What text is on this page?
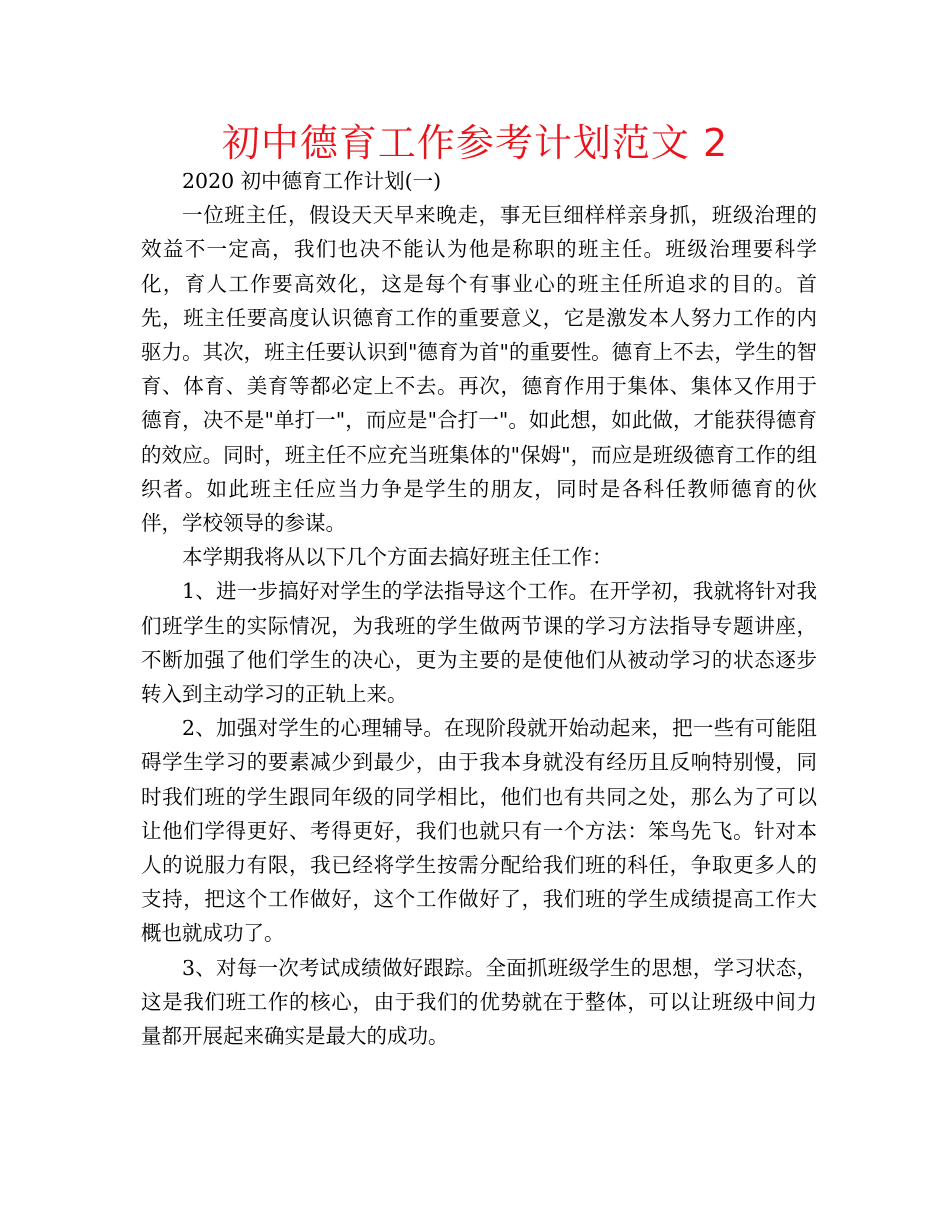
初中德育工作参考计划范文 2

2020 初中德育工作计划(一)

一位班主任，假设天天早来晚走，事无巨细样样亲身抓，班级治理的效益不一定高，我们也决不能认为他是称职的班主任。班级治理要科学化，育人工作要高效化，这是每个有事业心的班主任所追求的目的。首先，班主任要高度认识德育工作的重要意义，它是激发本人努力工作的内驱力。其次，班主任要认识到"德育为首"的重要性。德育上不去，学生的智育、体育、美育等都必定上不去。再次，德育作用于集体、集体又作用于德育，决不是"单打一"，而应是"合打一"。如此想，如此做，才能获得德育的效应。同时，班主任不应充当班集体的"保姆"，而应是班级德育工作的组织者。如此班主任应当力争是学生的朋友，同时是各科任教师德育的伙伴，学校领导的参谋。

本学期我将从以下几个方面去搞好班主任工作：

1、进一步搞好对学生的学法指导这个工作。在开学初，我就将针对我们班学生的实际情况，为我班的学生做两节课的学习方法指导专题讲座，不断加强了他们学生的决心，更为主要的是使他们从被动学习的状态逐步转入到主动学习的正轨上来。

2、加强对学生的心理辅导。在现阶段就开始动起来，把一些有可能阻碍学生学习的要素减少到最少，由于我本身就没有经历且反响特别慢，同时我们班的学生跟同年级的同学相比，他们也有共同之处，那么为了可以让他们学得更好、考得更好，我们也就只有一个方法：笨鸟先飞。针对本人的说服力有限，我已经将学生按需分配给我们班的科任，争取更多人的支持，把这个工作做好，这个工作做好了，我们班的学生成绩提高工作大概也就成功了。

3、对每一次考试成绩做好跟踪。全面抓班级学生的思想，学习状态，这是我们班工作的核心，由于我们的优势就在于整体，可以让班级中间力量都开展起来确实是最大的成功。
